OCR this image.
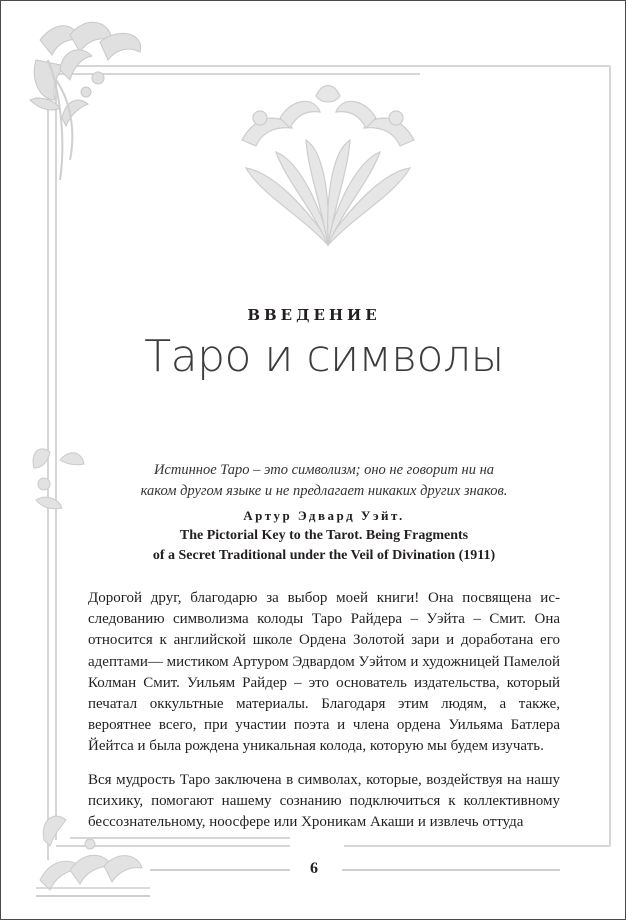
ВВЕДЕНИЕ
Таро и символы
Истинное Таро – это символизм; оно не говорит ни на
каком другом языке и не предлагает никаких других знаков.
Артур Эдвард Уэйт.
The Pictorial Key to the Tarot. Being Fragments
of a Secret Traditional under the Veil of Divination (1911)

Дорогой друг, благодарю за выбор моей книги! Она посвящена исследованию символизма колоды Таро Райдера – Уэйта – Смит. Она относится к английской школе Ордена Золотой зари и доработана его адептами— мистиком Артуром Эдвардом Уэйтом и художницей Памелой Колман Смит. Уильям Райдер – это основатель издательства, который печатал оккультные материалы. Благодаря этим людям, а также, вероятнее всего, при участии поэта и члена ордена Уильяма Батлера Йейтса и была рождена уникальная колода, которую мы будем изучать.

Вся мудрость Таро заключена в символах, которые, воздействуя на нашу психику, помогают нашему сознанию подключиться к коллективному бессознательному, ноосфере или Хроникам Акаши и извлечь оттуда

6
